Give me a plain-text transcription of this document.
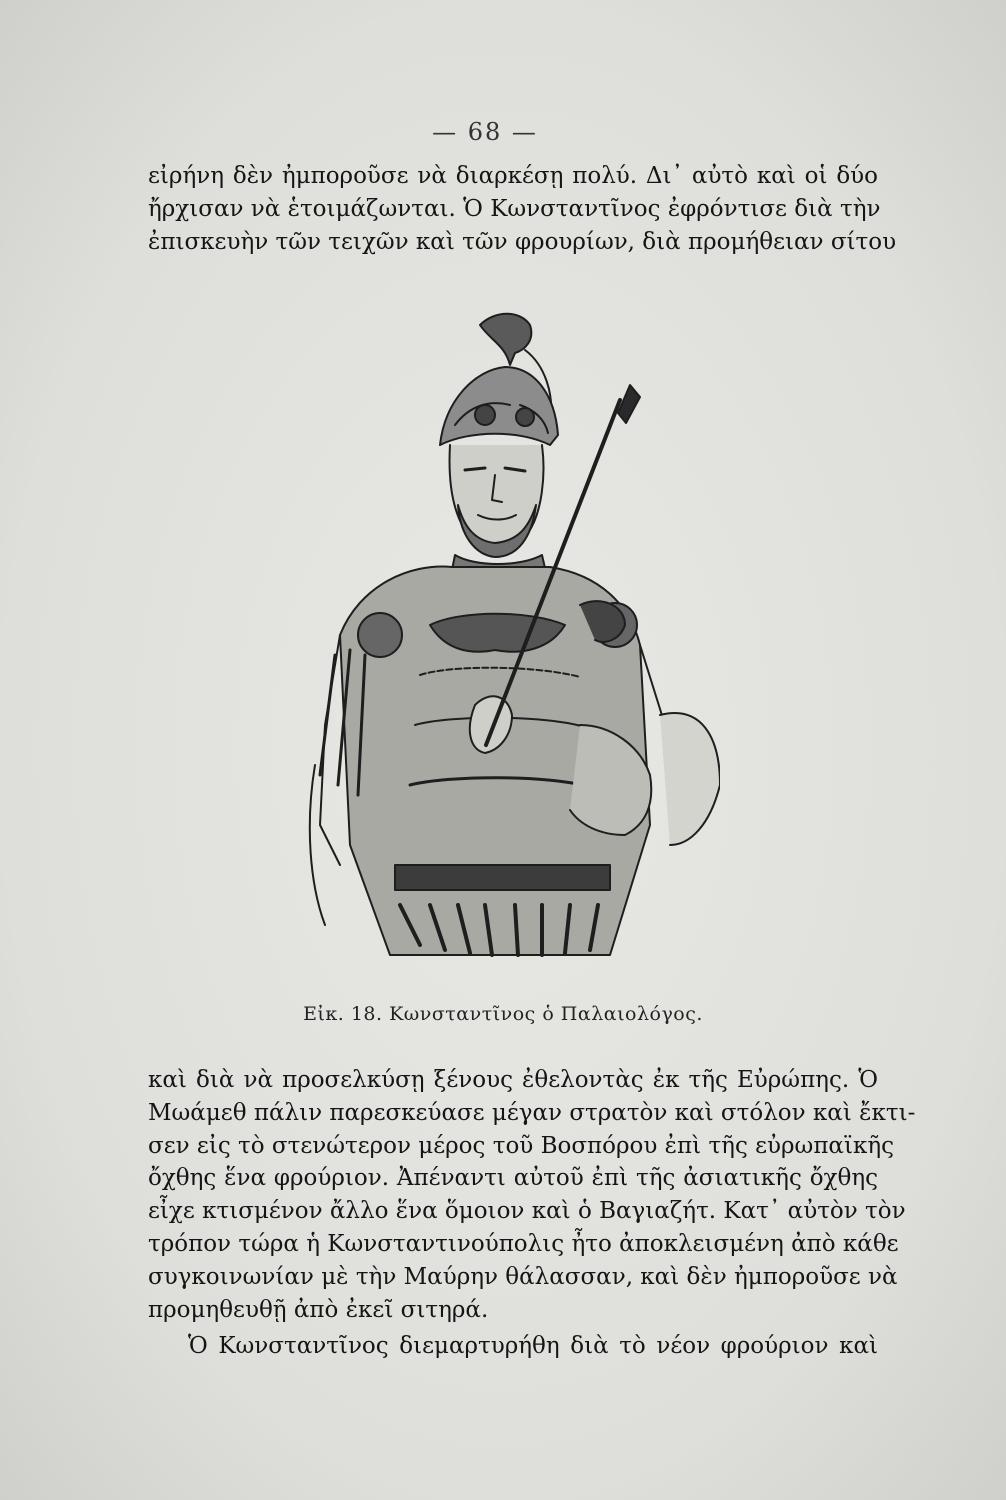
— 68 —

εἰρήνη δὲν ἠμποροῦσε νὰ διαρκέσῃ πολύ. Δι᾽ αὐτὸ καὶ οἱ δύο
ἤρχισαν νὰ ἑτοιμάζωνται. Ὁ Κωνσταντῖνος ἐφρόντισε διὰ τὴν
ἐπισκευὴν τῶν τειχῶν καὶ τῶν φρουρίων, διὰ προμήθειαν σίτου

Εἰκ. 18. Κωνσταντῖνος ὁ Παλαιολόγος.

καὶ διὰ νὰ προσελκύσῃ ξένους ἐθελοντὰς ἐκ τῆς Εὐρώπης. Ὁ
Μωάμεθ πάλιν παρεσκεύασε μέγαν στρατὸν καὶ στόλον καὶ ἔκτι-
σεν εἰς τὸ στενώτερον μέρος τοῦ Βοσπόρου ἐπὶ τῆς εὐρωπαϊκῆς
ὄχθης ἕνα φρούριον. Ἀπέναντι αὐτοῦ ἐπὶ τῆς ἀσιατικῆς ὄχθης
εἶχε κτισμένον ἄλλο ἕνα ὅμοιον καὶ ὁ Βαγιαζήτ. Κατ᾽ αὐτὸν τὸν
τρόπον τώρα ἡ Κωνσταντινούπολις ἦτο ἀποκλεισμένη ἀπὸ κάθε
συγκοινωνίαν μὲ τὴν Μαύρην θάλασσαν, καὶ δὲν ἠμποροῦσε νὰ
προμηθευθῇ ἀπὸ ἐκεῖ σιτηρά.

Ὁ Κωνσταντῖνος διεμαρτυρήθη διὰ τὸ νέον φρούριον καὶ
